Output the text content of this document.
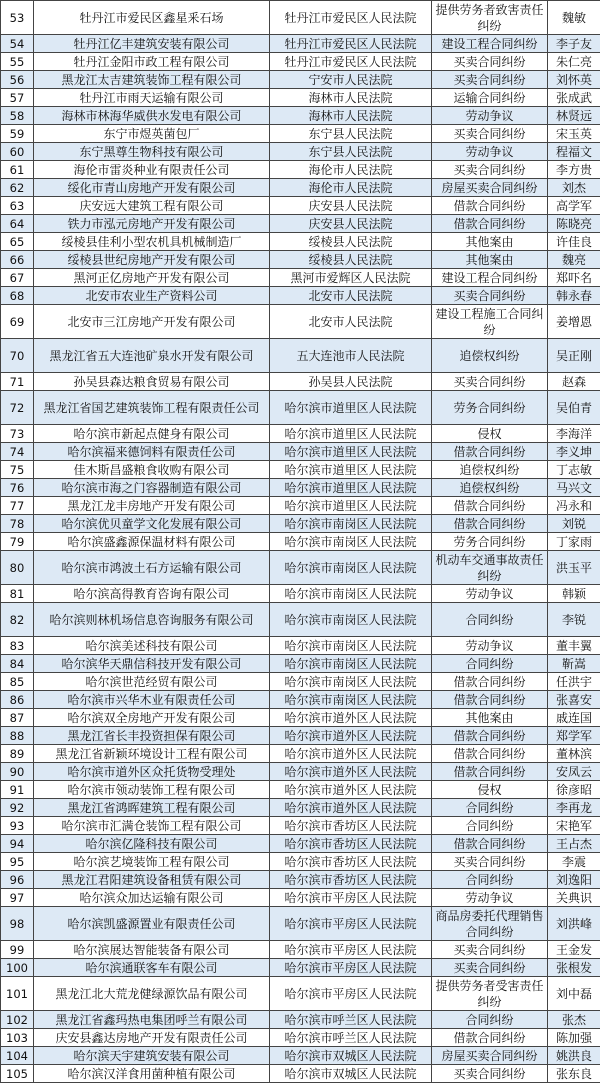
53	牡丹江市爱民区鑫星釆石场	牡丹江市爱民区人民法院	提供劳务者致害责任纠纷	魏敏
54	牡丹江亿丰建筑安装有限公司	牡丹江市爱民区人民法院	建设工程合同纠纷	李子友
55	牡丹江金阳市政工程有限公司	牡丹江市爱民区人民法院	买卖合同纠纷	朱仁亮
56	黑龙江太吉建筑装饰工程有限公司	宁安市人民法院	买卖合同纠纷	刘怀英
57	牡丹江市雨天运输有限公司	海林市人民法院	运输合同纠纷	张成武
58	海林市林海华威供水发电有限公司	海林市人民法院	劳动争议	林贤远
59	东宁市煜英菌包厂	东宁县人民法院	买卖合同纠纷	宋玉英
60	东宁黑尊生物科技有限公司	东宁县人民法院	劳动争议	程福文
61	海伦市雷炎种业有限责任公司	海伦市人民法院	买卖合同纠纷	李方贵
62	绥化市青山房地产开发有限公司	海伦市人民法院	房屋买卖合同纠纷	刘杰
63	庆安远大建筑工程有限公司	庆安县人民法院	借款合同纠纷	高学军
64	铁力市泓元房地产开发有限公司	庆安县人民法院	借款合同纠纷	陈晓亮
65	绥棱县佳利小型农机具机械制造厂	绥棱县人民法院	其他案由	许佳良
66	绥棱县世纪房地产开发有限公司	绥棱县人民法院	其他案由	魏亮
67	黑河正亿房地产开发有限公司	黑河市爱辉区人民法院	建设工程合同纠纷	郑吓名
68	北安市农业生产资料公司	北安市人民法院	买卖合同纠纷	韩永春
69	北安市三江房地产开发有限公司	北安市人民法院	建设工程施工合同纠纷	姜增恩
70	黑龙江省五大连池矿泉水开发有限公司	五大连池市人民法院	追偿权纠纷	吴正刚
71	孙吴县森达粮食贸易有限公司	孙吴县人民法院	买卖合同纠纷	赵森
72	黑龙江省国艺建筑装饰工程有限责任公司	哈尔滨市道里区人民法院	劳务合同纠纷	吴伯青
73	哈尔滨市新起点健身有限公司	哈尔滨市道里区人民法院	侵权	李海洋
74	哈尔滨福来德饲料有限责任公司	哈尔滨市道里区人民法院	借款合同纠纷	李义坤
75	佳木斯昌盛粮食收购有限公司	哈尔滨市道里区人民法院	追偿权纠纷	丁志敏
76	哈尔滨市海之门容器制造有限公司	哈尔滨市道里区人民法院	追偿权纠纷	马兴文
77	黑龙江龙丰房地产开发有限公司	哈尔滨市道里区人民法院	借款合同纠纷	冯永和
78	哈尔滨优贝童学文化发展有限公司	哈尔滨市南岗区人民法院	借款合同纠纷	刘锐
79	哈尔滨盛鑫源保温材料有限公司	哈尔滨市南岗区人民法院	劳务合同纠纷	丁家雨
80	哈尔滨市鸿波土石方运输有限公司	哈尔滨市南岗区人民法院	机动车交通事故责任纠纷	洪玉平
81	哈尔滨高得教育咨询有限公司	哈尔滨市南岗区人民法院	劳动争议	韩颖
82	哈尔滨则林机场信息咨询服务有限公司	哈尔滨市南岗区人民法院	合同纠纷	李锐
83	哈尔滨美述科技有限公司	哈尔滨市南岗区人民法院	劳动争议	董丰翼
84	哈尔滨华天鼎信科技开发有限公司	哈尔滨市南岗区人民法院	合同纠纷	靳嵩
85	哈尔滨世范经贸有限公司	哈尔滨市南岗区人民法院	借款合同纠纷	任洪宇
86	哈尔滨市兴华木业有限责任公司	哈尔滨市南岗区人民法院	借款合同纠纷	张喜安
87	哈尔滨双全房地产开发有限公司	哈尔滨市道外区人民法院	其他案由	戚连国
88	黑龙江省长丰投资担保有限公司	哈尔滨市道外区人民法院	借款合同纠纷	郑学军
89	黑龙江省新颖环境设计工程有限公司	哈尔滨市道外区人民法院	借款合同纠纷	董林滨
90	哈尔滨市道外区众托货物受理处	哈尔滨市道外区人民法院	借款合同纠纷	安凤云
91	哈尔滨市领动装饰工程有限公司	哈尔滨市道外区人民法院	侵权	徐彦昭
92	黑龙江省鸿晖建筑工程有限公司	哈尔滨市道外区人民法院	合同纠纷	李再龙
93	哈尔滨市汇满仓装饰工程有限公司	哈尔滨市香坊区人民法院	合同纠纷	宋艳军
94	哈尔滨亿隆科技有限公司	哈尔滨市香坊区人民法院	借款合同纠纷	王占杰
95	哈尔滨艺境装饰工程有限公司	哈尔滨市香坊区人民法院	买卖合同纠纷	李震
96	黑龙江君阳建筑设备租赁有限公司	哈尔滨市香坊区人民法院	合同纠纷	刘逸阳
97	哈尔滨众加达运输有限公司	哈尔滨市平房区人民法院	劳动争议	关典识
98	哈尔滨凯盛源置业有限责任公司	哈尔滨市平房区人民法院	商品房委托代理销售合同纠纷	刘洪峰
99	哈尔滨展达智能装备有限公司	哈尔滨市平房区人民法院	买卖合同纠纷	王金发
100	哈尔滨通联客车有限公司	哈尔滨市平房区人民法院	买卖合同纠纷	张根发
101	黑龙江北大荒龙健绿源饮品有限公司	哈尔滨市平房区人民法院	提供劳务者受害责任纠纷	刘中磊
102	黑龙江省鑫玛热电集团呼兰有限公司	哈尔滨市呼兰区人民法院	合同纠纷	张杰
103	庆安县鑫达房地产开发有限责任公司	哈尔滨市呼兰区人民法院	借款合同纠纷	陈加强
104	哈尔滨天宇建筑安装有限公司	哈尔滨市双城区人民法院	房屋买卖合同纠纷	姚洪良
105	哈尔滨汉洋食用菌种植有限公司	哈尔滨市双城区人民法院	买卖合同纠纷	张东良
